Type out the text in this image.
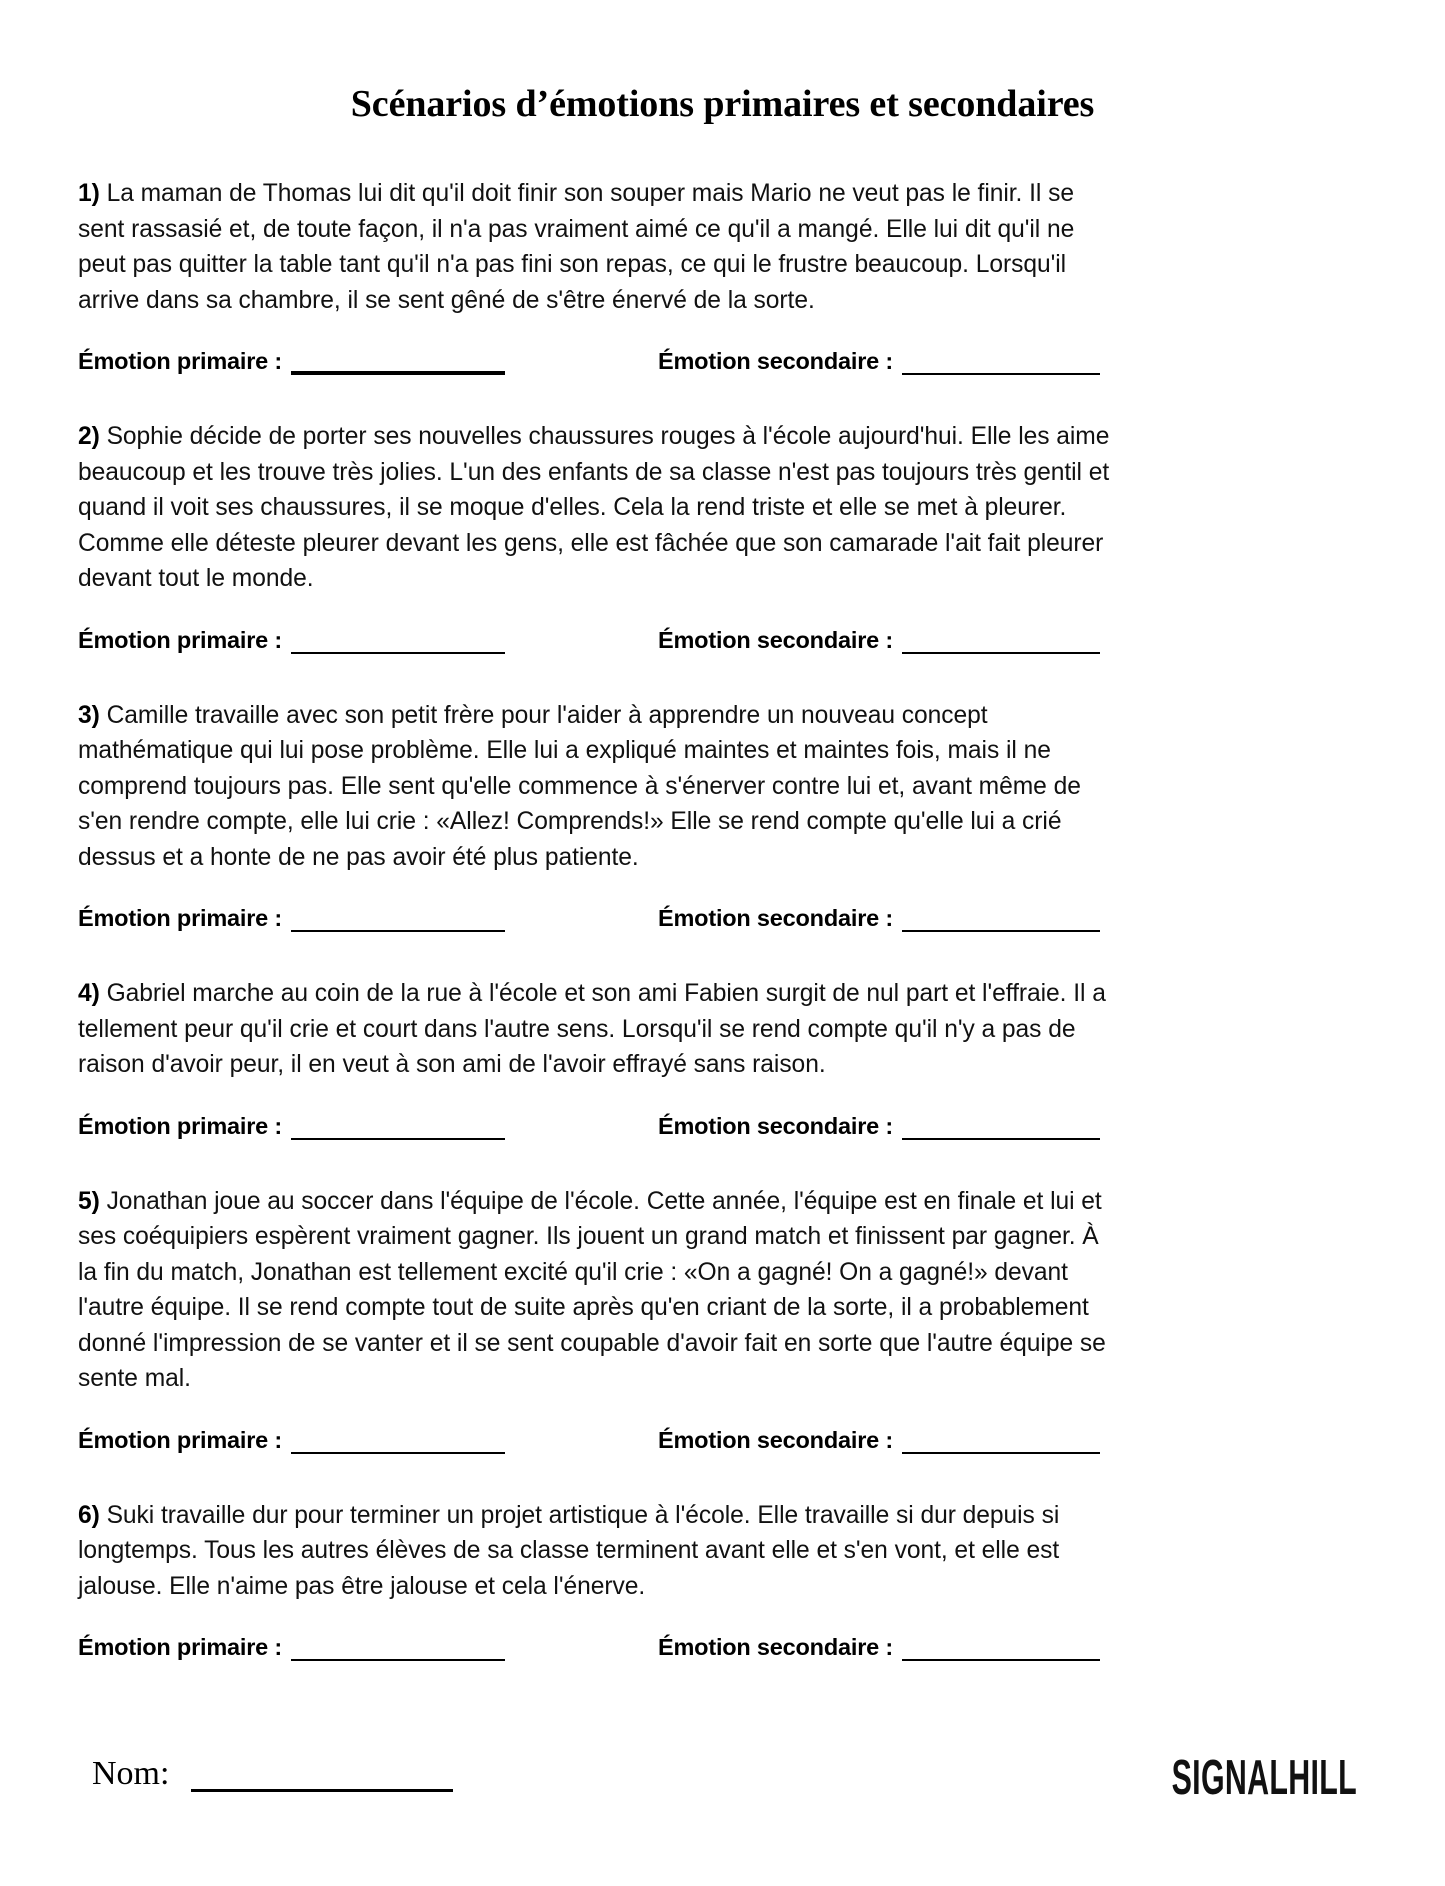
Scénarios d’émotions primaires et secondaires

1) La maman de Thomas lui dit qu'il doit finir son souper mais Mario ne veut pas le finir. Il se sent rassasié et, de toute façon, il n'a pas vraiment aimé ce qu'il a mangé. Elle lui dit qu'il ne peut pas quitter la table tant qu'il n'a pas fini son repas, ce qui le frustre beaucoup. Lorsqu'il arrive dans sa chambre, il se sent gêné de s'être énervé de la sorte.

Émotion primaire :	Émotion secondaire :

2) Sophie décide de porter ses nouvelles chaussures rouges à l'école aujourd'hui. Elle les aime beaucoup et les trouve très jolies. L'un des enfants de sa classe n'est pas toujours très gentil et quand il voit ses chaussures, il se moque d'elles. Cela la rend triste et elle se met à pleurer. Comme elle déteste pleurer devant les gens, elle est fâchée que son camarade l'ait fait pleurer devant tout le monde.

Émotion primaire :	Émotion secondaire :

3) Camille travaille avec son petit frère pour l'aider à apprendre un nouveau concept mathématique qui lui pose problème. Elle lui a expliqué maintes et maintes fois, mais il ne comprend toujours pas. Elle sent qu'elle commence à s'énerver contre lui et, avant même de s'en rendre compte, elle lui crie : «Allez! Comprends!» Elle se rend compte qu'elle lui a crié dessus et a honte de ne pas avoir été plus patiente.

Émotion primaire :	Émotion secondaire :

4) Gabriel marche au coin de la rue à l'école et son ami Fabien surgit de nul part et l'effraie. Il a tellement peur qu'il crie et court dans l'autre sens. Lorsqu'il se rend compte qu'il n'y a pas de raison d'avoir peur, il en veut à son ami de l'avoir effrayé sans raison.

Émotion primaire :	Émotion secondaire :

5) Jonathan joue au soccer dans l'équipe de l'école. Cette année, l'équipe est en finale et lui et ses coéquipiers espèrent vraiment gagner. Ils jouent un grand match et finissent par gagner. À la fin du match, Jonathan est tellement excité qu'il crie : «On a gagné! On a gagné!» devant l'autre équipe. Il se rend compte tout de suite après qu'en criant de la sorte, il a probablement donné l'impression de se vanter et il se sent coupable d'avoir fait en sorte que l'autre équipe se sente mal.

Émotion primaire :	Émotion secondaire :

6) Suki travaille dur pour terminer un projet artistique à l'école. Elle travaille si dur depuis si longtemps. Tous les autres élèves de sa classe terminent avant elle et s'en vont, et elle est jalouse. Elle n'aime pas être jalouse et cela l'énerve.

Émotion primaire :	Émotion secondaire :
Nom:	SIGNALHILL
